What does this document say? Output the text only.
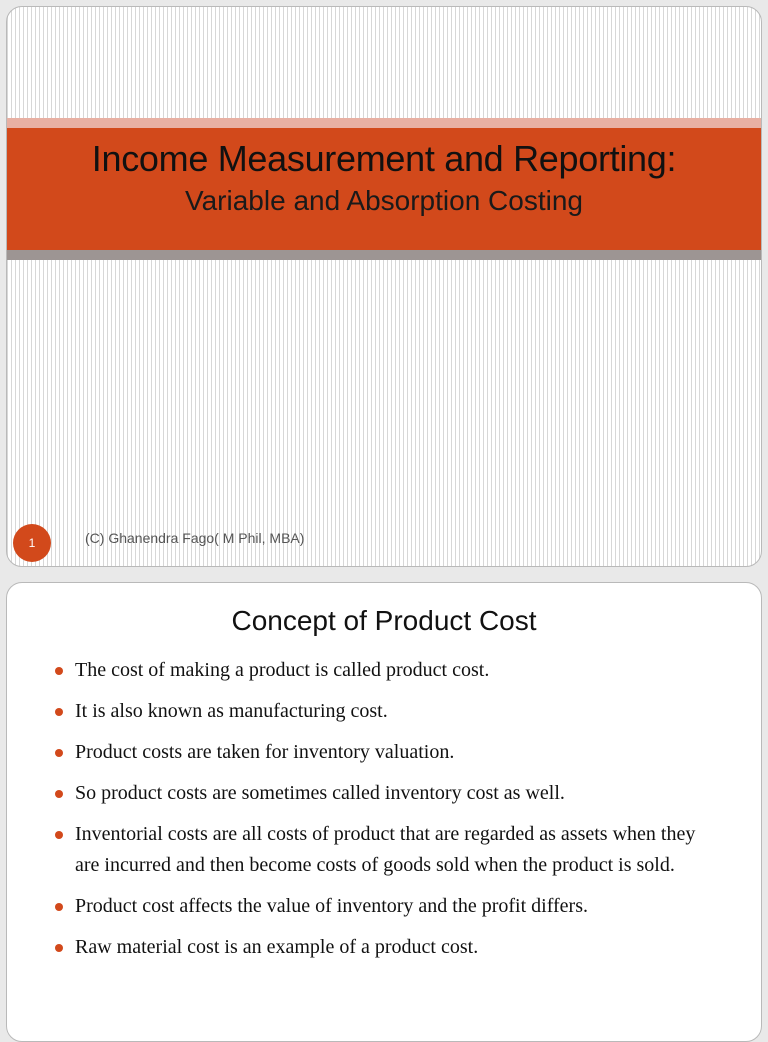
Income Measurement and Reporting:
Variable and Absorption Costing
1	(C) Ghanendra Fago( M Phil, MBA)
Concept of Product Cost
The cost of making a product is called product cost.
It is also known as manufacturing cost.
Product costs are taken for inventory valuation.
So product costs are sometimes called inventory cost as well.
Inventorial costs are all costs of product that are regarded as assets when they are incurred and then become costs of goods sold when the product is sold.
Product cost affects the value of inventory and the profit differs.
Raw material cost is an example of a product cost.
